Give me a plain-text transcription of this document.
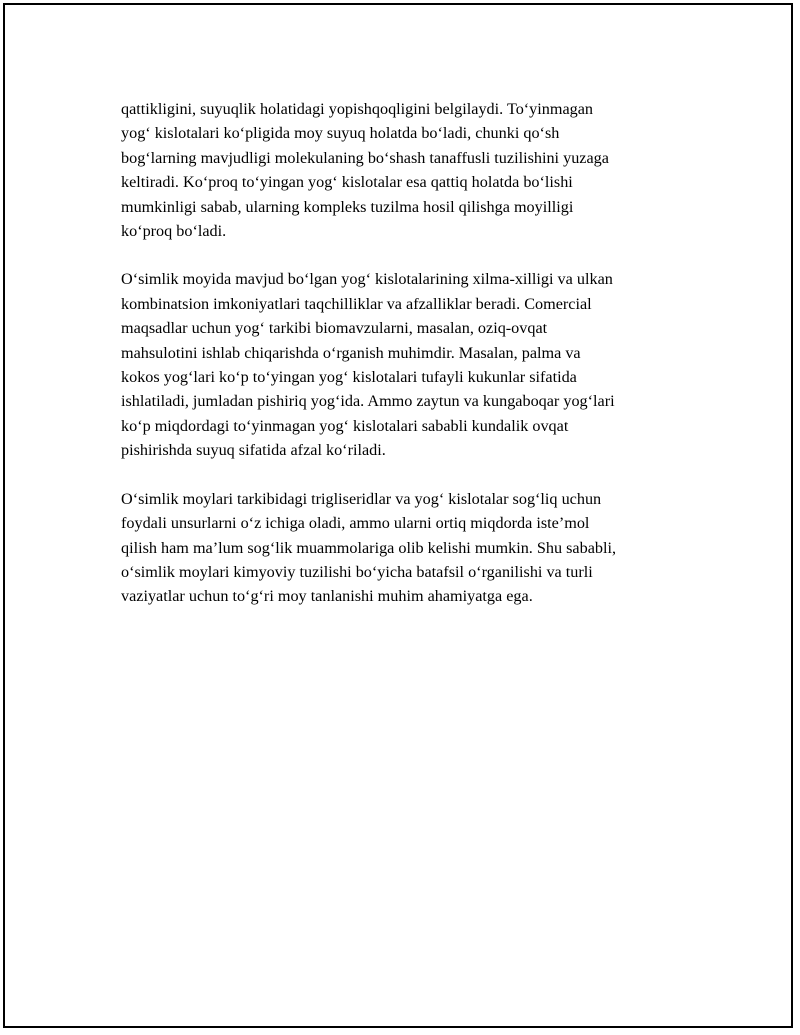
qattikligini, suyuqlik holatidagi yopishqoqligini belgilaydi. To‘yinmagan
yog‘ kislotalari ko‘pligida moy suyuq holatda bo‘ladi, chunki qo‘sh
bog‘larning mavjudligi molekulaning bo‘shash tanaffusli tuzilishini yuzaga
keltiradi. Ko‘proq to‘yingan yog‘ kislotalar esa qattiq holatda bo‘lishi
mumkinligi sabab, ularning kompleks tuzilma hosil qilishga moyilligi
ko‘proq bo‘ladi.

O‘simlik moyida mavjud bo‘lgan yog‘ kislotalarining xilma-xilligi va ulkan
kombinatsion imkoniyatlari taqchilliklar va afzalliklar beradi. Comercial
maqsadlar uchun yog‘ tarkibi biomavzularni, masalan, oziq-ovqat
mahsulotini ishlab chiqarishda o‘rganish muhimdir. Masalan, palma va
kokos yog‘lari ko‘p to‘yingan yog‘ kislotalari tufayli kukunlar sifatida
ishlatiladi, jumladan pishiriq yog‘ida. Ammo zaytun va kungaboqar yog‘lari
ko‘p miqdordagi to‘yinmagan yog‘ kislotalari sababli kundalik ovqat
pishirishda suyuq sifatida afzal ko‘riladi.

O‘simlik moylari tarkibidagi trigliseridlar va yog‘ kislotalar sog‘liq uchun
foydali unsurlarni o‘z ichiga oladi, ammo ularni ortiq miqdorda iste’mol
qilish ham ma’lum sog‘lik muammolariga olib kelishi mumkin. Shu sababli,
o‘simlik moylari kimyoviy tuzilishi bo‘yicha batafsil o‘rganilishi va turli
vaziyatlar uchun to‘g‘ri moy tanlanishi muhim ahamiyatga ega.
